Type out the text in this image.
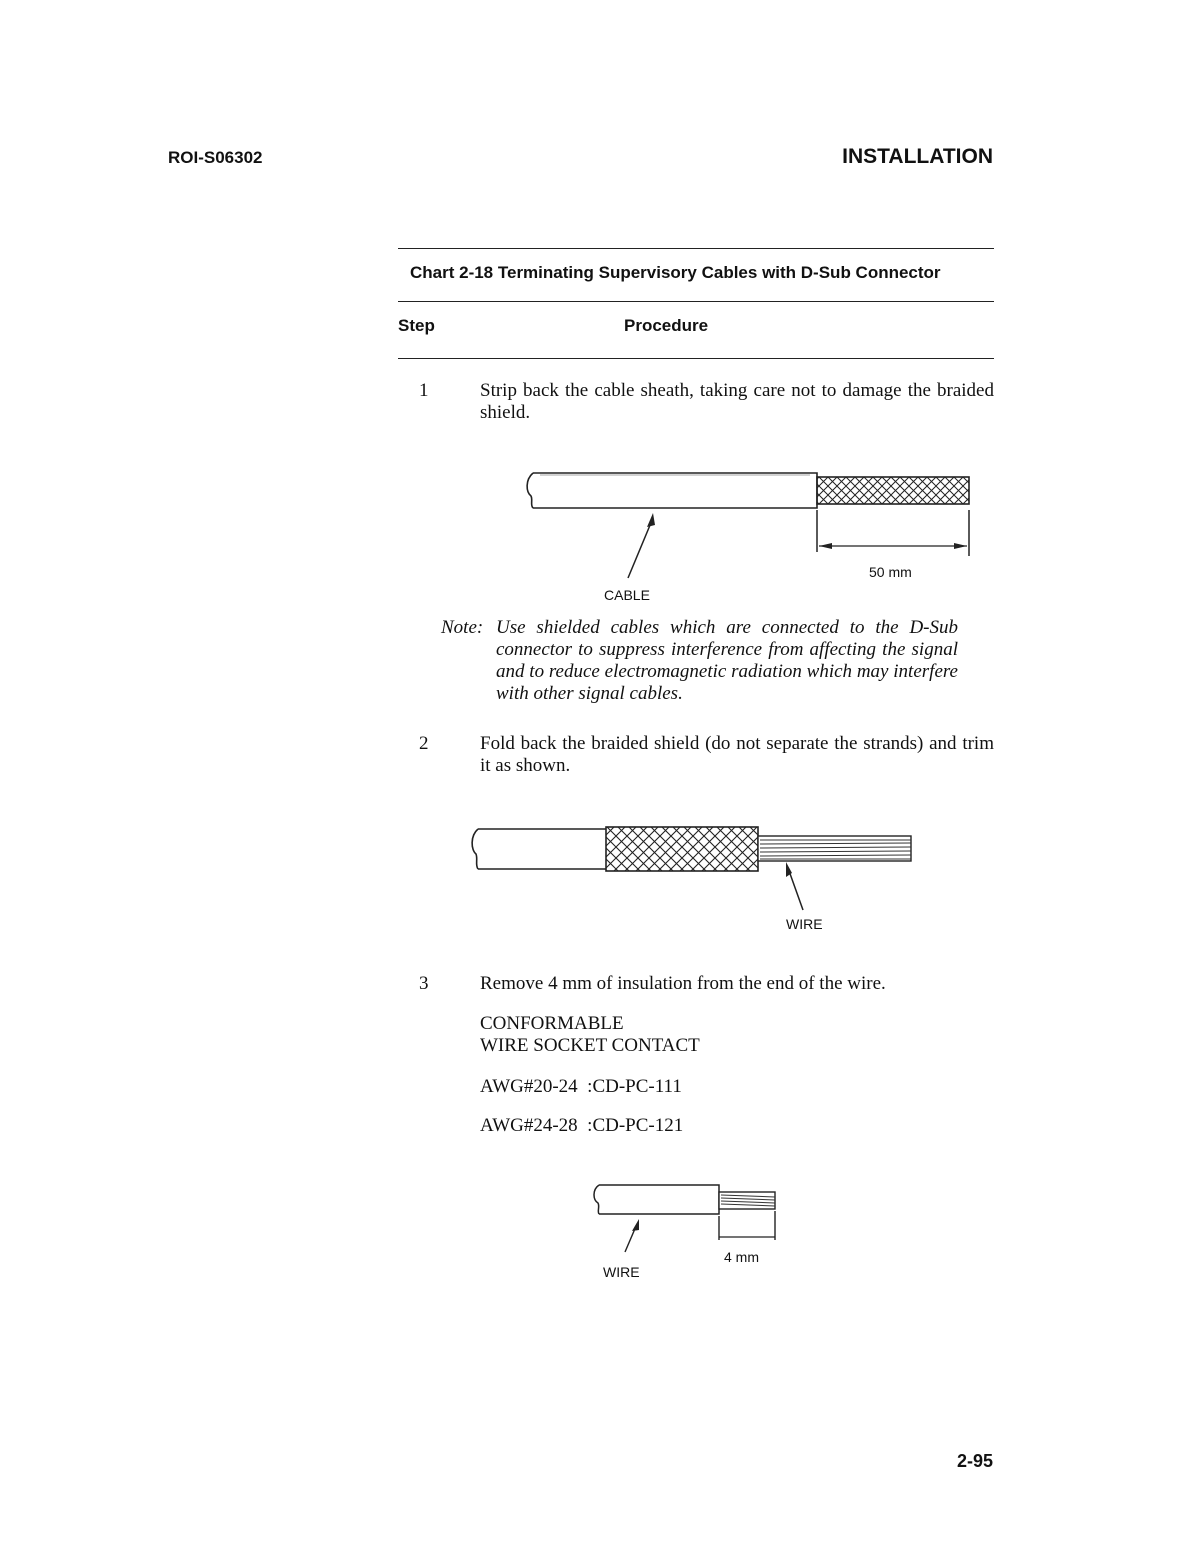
ROI-S06302	INSTALLATION
Chart 2-18 Terminating Supervisory Cables with D-Sub Connector
Step	Procedure
1	Strip back the cable sheath, taking care not to damage the braided shield.
CABLE
50 mm
Note: Use shielded cables which are connected to the D-Sub connector to suppress interference from affecting the signal and to reduce electromagnetic radiation which may interfere with other signal cables.
2	Fold back the braided shield (do not separate the strands) and trim it as shown.
WIRE
3	Remove 4 mm of insulation from the end of the wire.
CONFORMABLE
WIRE SOCKET CONTACT
AWG#20-24  :CD-PC-111
AWG#24-28  :CD-PC-121
WIRE
4 mm
2-95
